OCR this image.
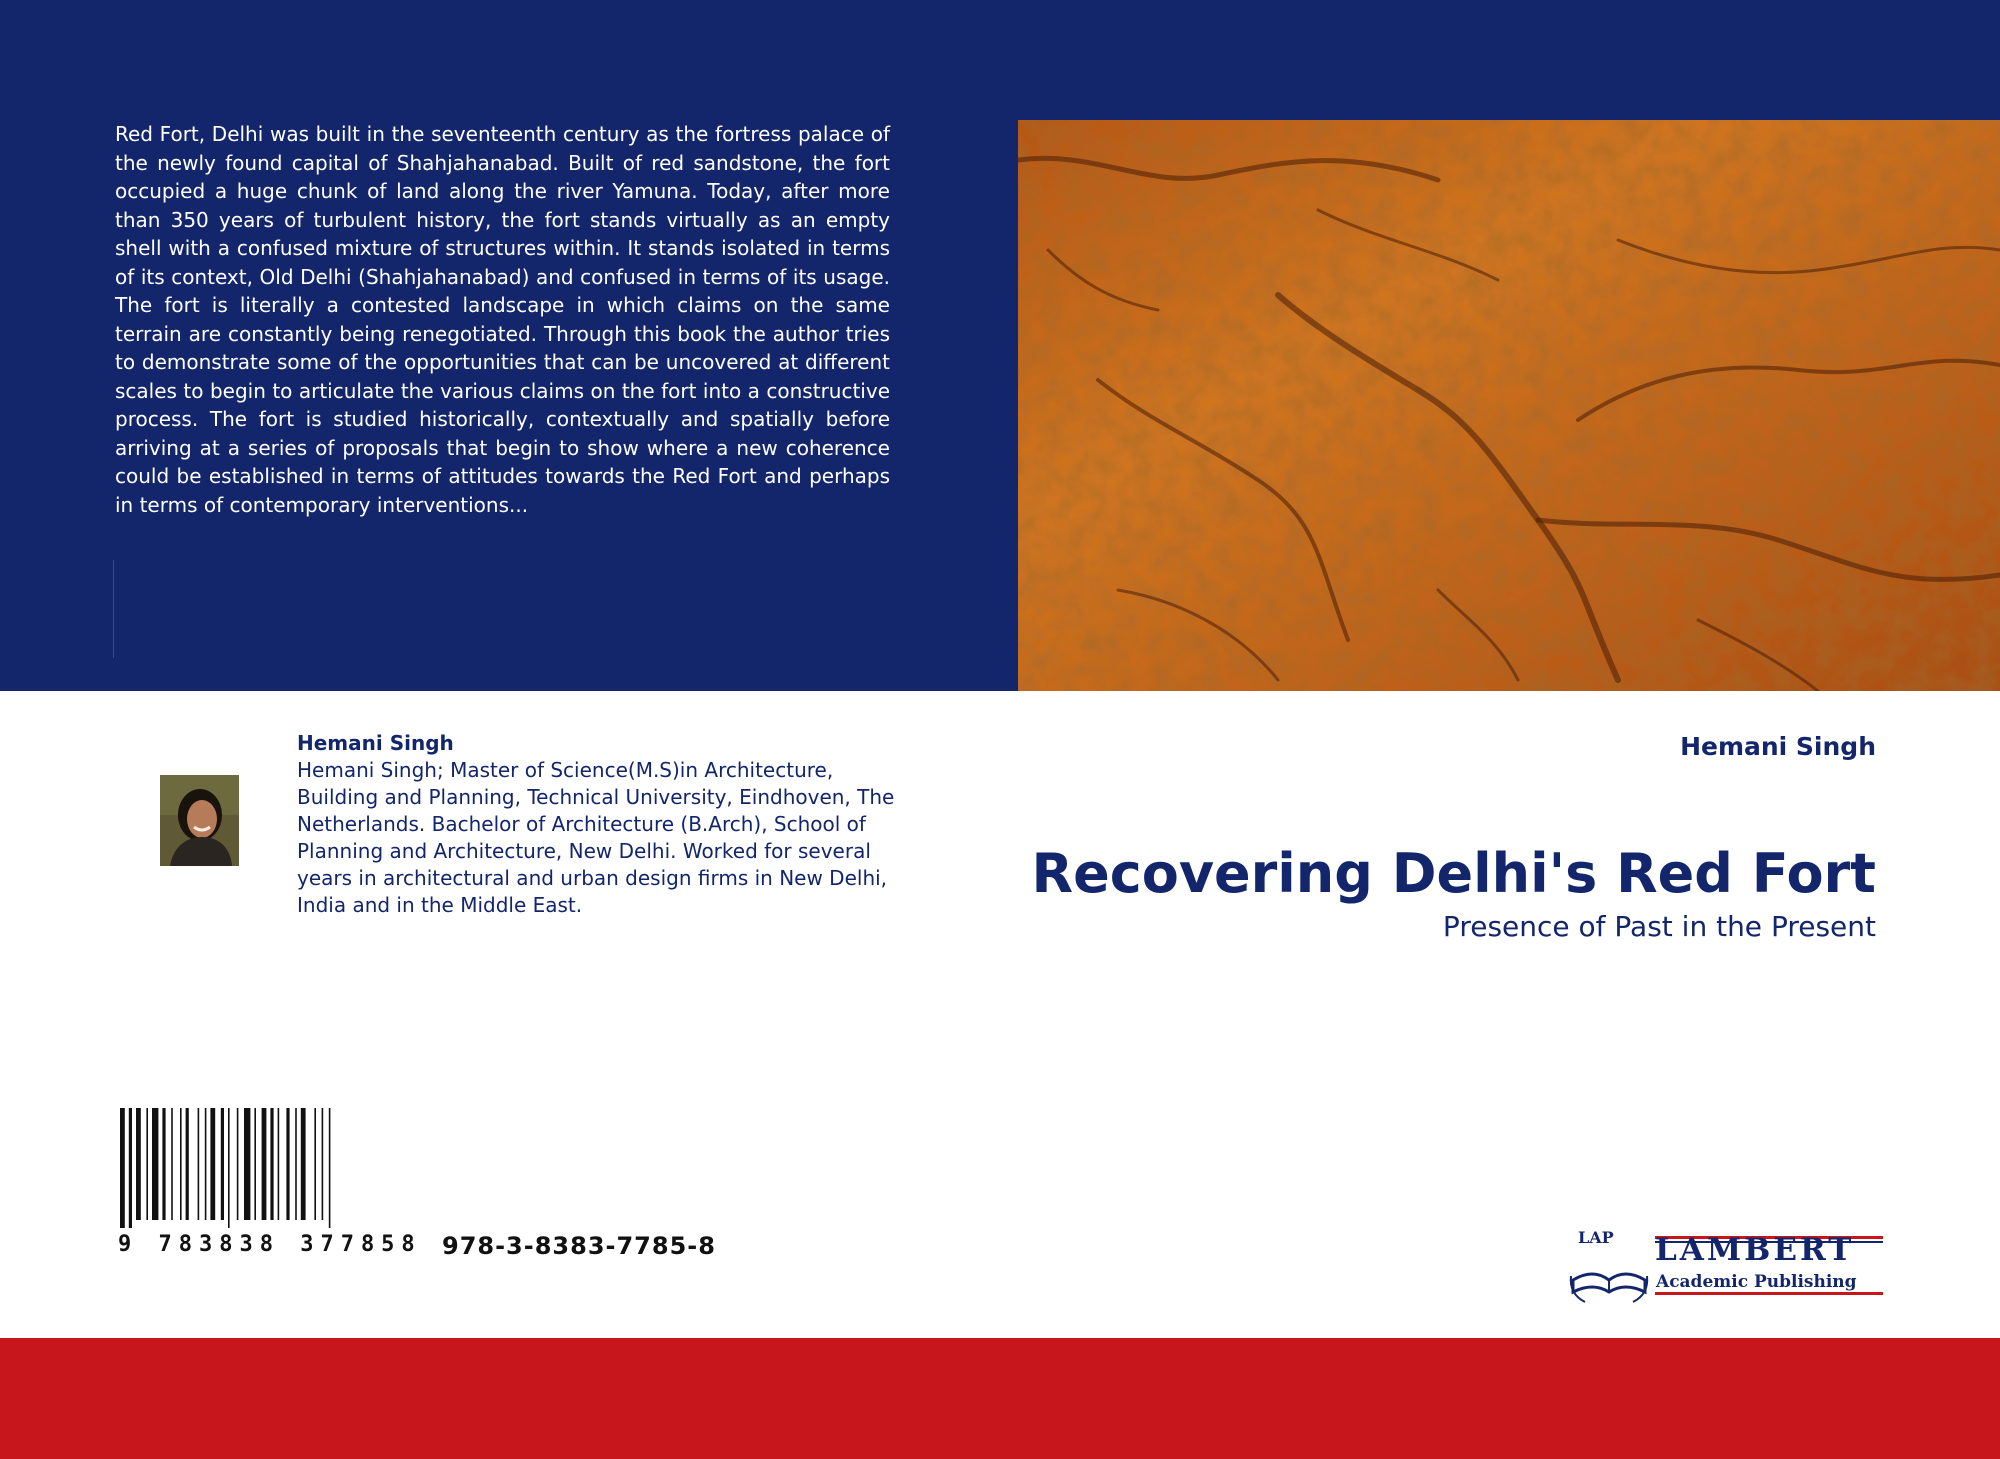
Red Fort, Delhi was built in the seventeenth century as the fortress palace of the newly found capital of Shahjahanabad. Built of red sandstone, the fort occupied a huge chunk of land along the river Yamuna. Today, after more than 350 years of turbulent history, the fort stands virtually as an empty shell with a confused mixture of structures within. It stands isolated in terms of its context, Old Delhi (Shahjahanabad) and confused in terms of its usage. The fort is literally a contested landscape in which claims on the same terrain are constantly being renegotiated. Through this book the author tries to demonstrate some of the opportunities that can be uncovered at different scales to begin to articulate the various claims on the fort into a constructive process. The fort is studied historically, contextually and spatially before arriving at a series of proposals that begin to show where a new coherence could be established in terms of attitudes towards the Red Fort and perhaps in terms of contemporary interventions...

Hemani Singh
Hemani Singh; Master of Science(M.S)in Architecture, Building and Planning, Technical University, Eindhoven, The Netherlands. Bachelor of Architecture (B.Arch), School of Planning and Architecture, New Delhi. Worked for several years in architectural and urban design firms in New Delhi, India and in the Middle East.
Hemani Singh
Recovering Delhi's Red Fort
Presence of Past in the Present
9 783838 377858 978-3-8383-7785-8	LAP LAMBERT
Academic Publishing
